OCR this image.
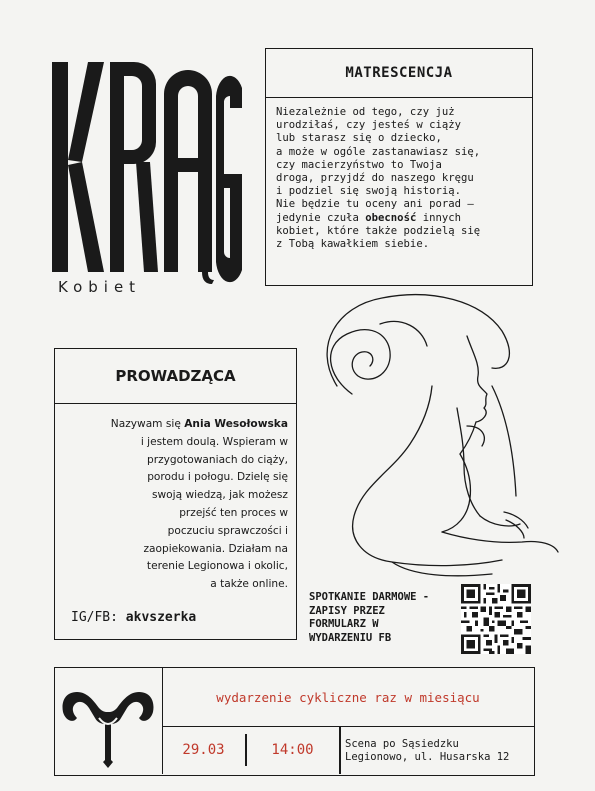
Kobiet
MATRESCENCJA
Niezależnie od tego, czy już
urodziłaś, czy jesteś w ciąży
lub starasz się o dziecko,
a może w ogóle zastanawiasz się,
czy macierzyństwo to Twoja
droga, przyjdź do naszego kręgu
i podziel się swoją historią.
Nie będzie tu oceny ani porad –
jedynie czuła obecność innych
kobiet, które także podzielą się
z Tobą kawałkiem siebie.
PROWADZĄCA
Nazywam się Ania Wesołowska
i jestem doulą. Wspieram w
przygotowaniach do ciąży,
porodu i połogu. Dzielę się
swoją wiedzą, jak możesz
przejść ten proces w
poczuciu sprawczości i
zaopiekowania. Działam na
terenie Legionowa i okolic,
a także online.
IG/FB: akvszerka
SPOTKANIE DARMOWE -
ZAPISY PRZEZ
FORMULARZ W
WYDARZENIU FB
wydarzenie cykliczne raz w miesiącu
29.03	14:00	Scena po Sąsiedzku
Legionowo, ul. Husarska 12
